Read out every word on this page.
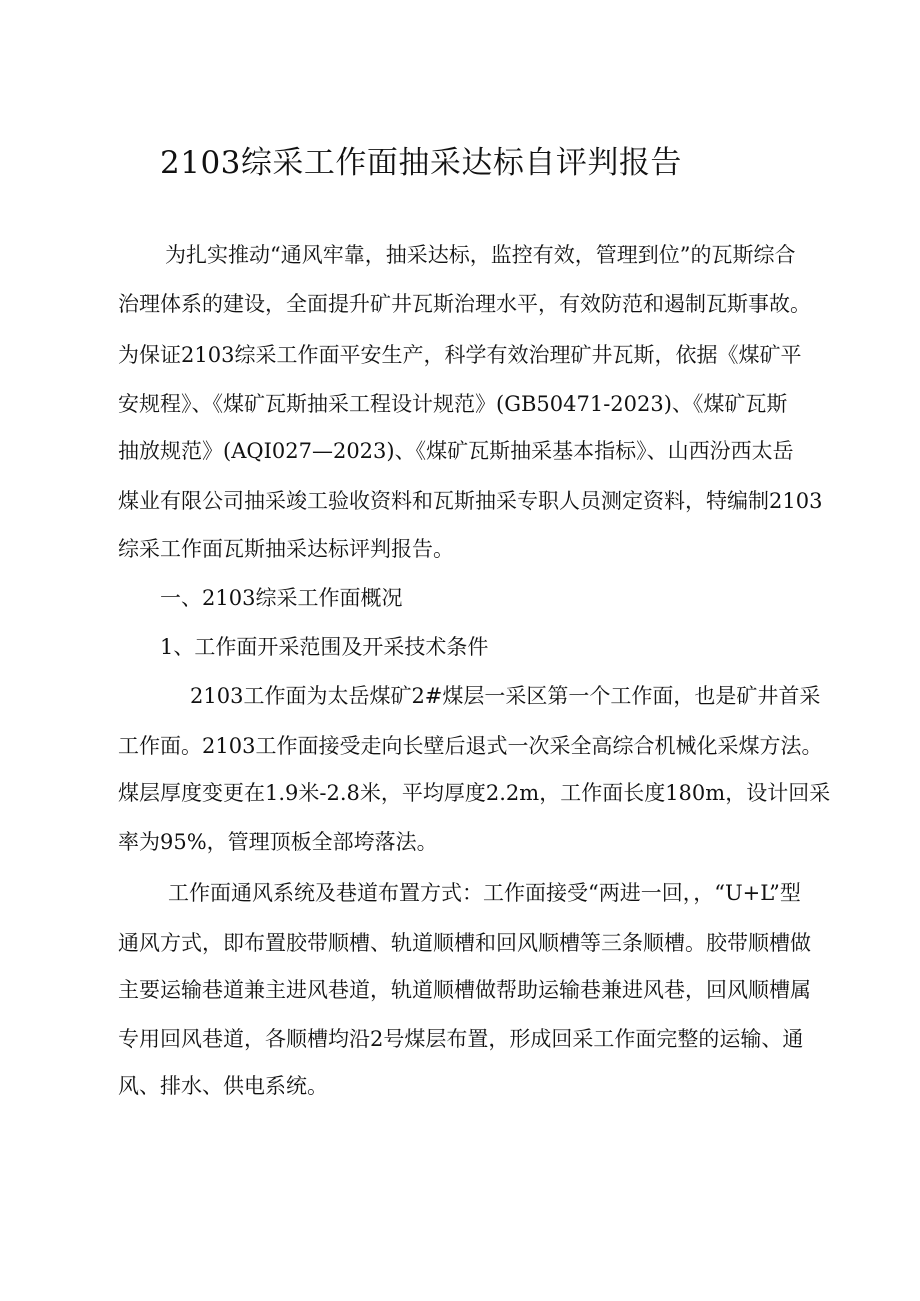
2103综采工作面抽采达标自评判报告
为扎实推动“通风牢靠，抽采达标，监控有效，管理到位”的瓦斯综合
治理体系的建设，全面提升矿井瓦斯治理水平，有效防范和遏制瓦斯事故。
为保证2103综采工作面平安生产，科学有效治理矿井瓦斯，依据《煤矿平
安规程》、《煤矿瓦斯抽采工程设计规范》(GB50471-2023)、《煤矿瓦斯
抽放规范》(AQI027—2023)、《煤矿瓦斯抽采基本指标》、山西汾西太岳
煤业有限公司抽采竣工验收资料和瓦斯抽采专职人员测定资料，特编制2103
综采工作面瓦斯抽采达标评判报告。
一、2103综采工作面概况
1、工作面开采范围及开采技术条件
2103工作面为太岳煤矿2#煤层一采区第一个工作面，也是矿井首采
工作面。2103工作面接受走向长壁后退式一次采全高综合机械化采煤方法。
煤层厚度变更在1.9米-2.8米，平均厚度2.2m，工作面长度180m，设计回采
率为95%，管理顶板全部垮落法。
工作面通风系统及巷道布置方式：工作面接受“两进一回，，“U+L”型
通风方式，即布置胶带顺槽、轨道顺槽和回风顺槽等三条顺槽。胶带顺槽做
主要运输巷道兼主进风巷道，轨道顺槽做帮助运输巷兼进风巷，回风顺槽属
专用回风巷道，各顺槽均沿2号煤层布置，形成回采工作面完整的运输、通
风、排水、供电系统。
